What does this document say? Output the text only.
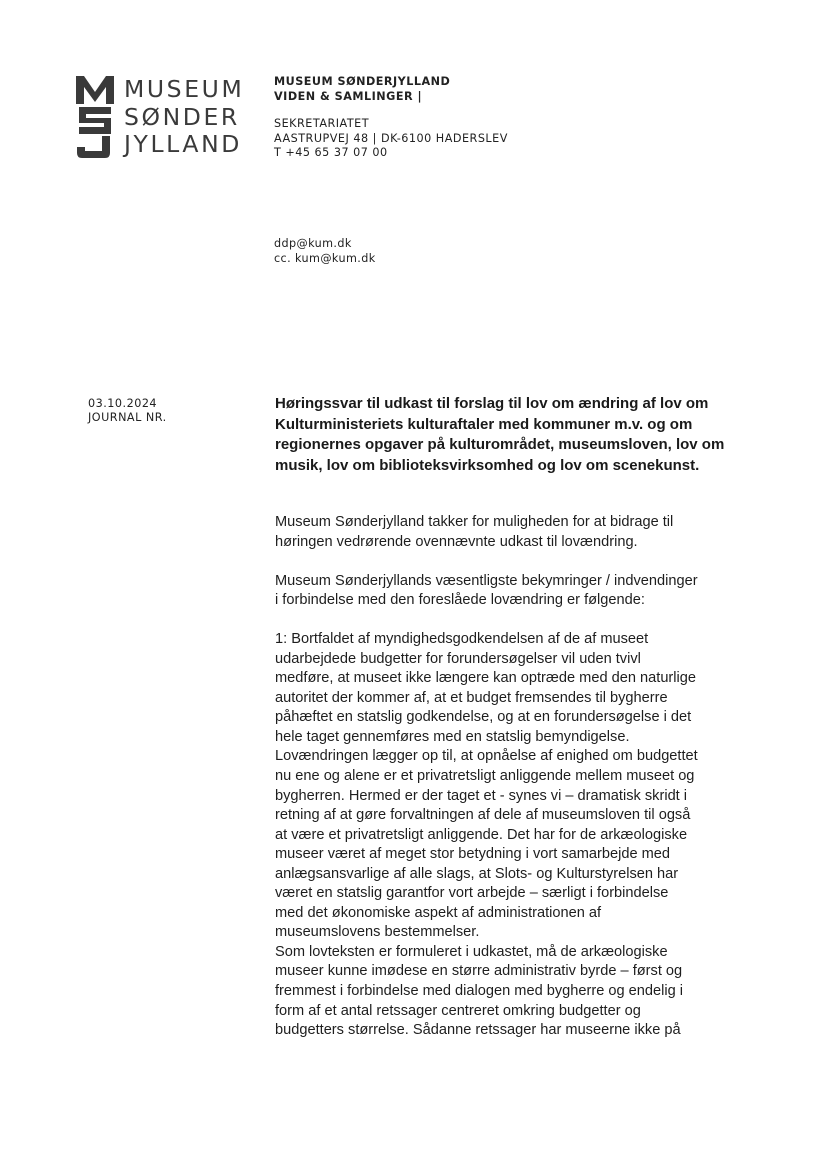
MUSEUM
SØNDER
JYLLAND
MUSEUM SØNDERJYLLAND
VIDEN & SAMLINGER |
SEKRETARIATET
AASTRUPVEJ 48 | DK-6100 HADERSLEV
T +45 65 37 07 00
ddp@kum.dk
cc. kum@kum.dk
03.10.2024
JOURNAL NR.
Høringssvar til udkast til forslag til lov om ændring af lov om
Kulturministeriets kulturaftaler med kommuner m.v. og om
regionernes opgaver på kulturområdet, museumsloven, lov om
musik, lov om biblioteksvirksomhed og lov om scenekunst.

Museum Sønderjylland takker for muligheden for at bidrage til
høringen vedrørende ovennævnte udkast til lovændring.

Museum Sønderjyllands væsentligste bekymringer / indvendinger
i forbindelse med den foreslåede lovændring er følgende:

1: Bortfaldet af myndighedsgodkendelsen af de af museet
udarbejdede budgetter for forundersøgelser vil uden tvivl
medføre, at museet ikke længere kan optræde med den naturlige
autoritet der kommer af, at et budget fremsendes til bygherre
påhæftet en statslig godkendelse, og at en forundersøgelse i det
hele taget gennemføres med en statslig bemyndigelse.
Lovændringen lægger op til, at opnåelse af enighed om budgettet
nu ene og alene er et privatretsligt anliggende mellem museet og
bygherren. Hermed er der taget et - synes vi – dramatisk skridt i
retning af at gøre forvaltningen af dele af museumsloven til også
at være et privatretsligt anliggende. Det har for de arkæologiske
museer været af meget stor betydning i vort samarbejde med
anlægsansvarlige af alle slags, at Slots- og Kulturstyrelsen har
været en statslig garantfor vort arbejde – særligt i forbindelse
med det økonomiske aspekt af administrationen af
museumslovens bestemmelser.
Som lovteksten er formuleret i udkastet, må de arkæologiske
museer kunne imødese en større administrativ byrde – først og
fremmest i forbindelse med dialogen med bygherre og endelig i
form af et antal retssager centreret omkring budgetter og
budgetters størrelse. Sådanne retssager har museerne ikke på
